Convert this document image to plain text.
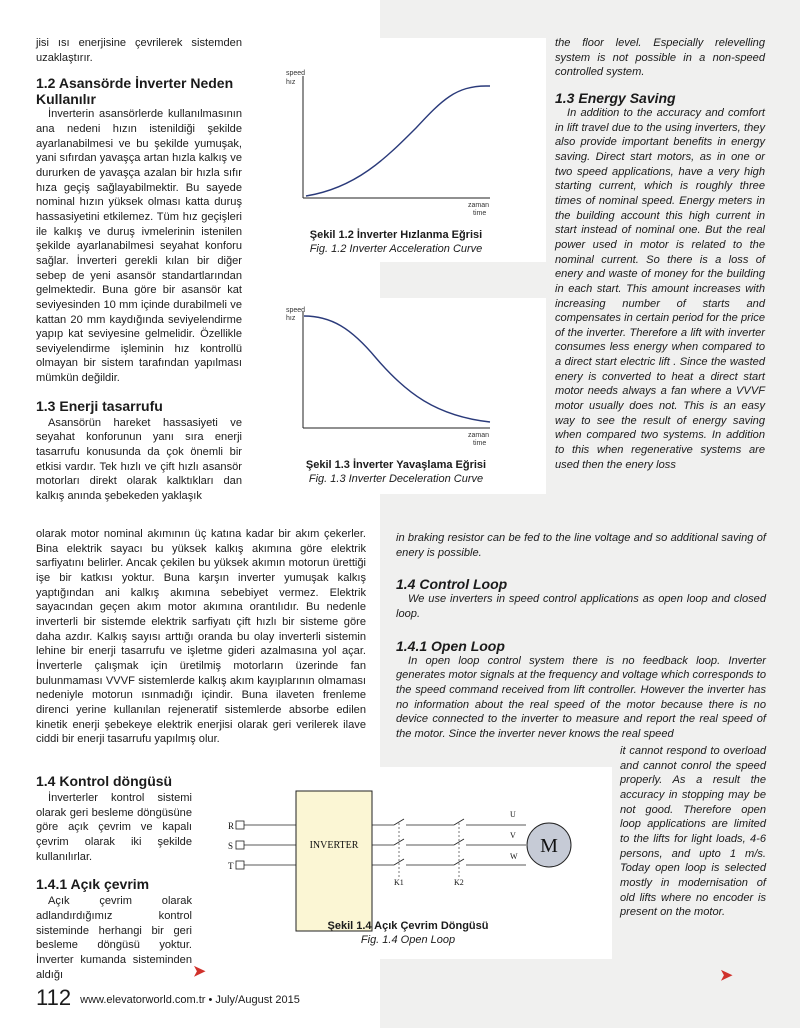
jisi ısı enerjisine çevrilerek sistemden uzaklaştırır.

1.2 Asansörde İnverter Neden Kullanılır

İnverterin asansörlerde kullanılmasının ana nedeni hızın istenildiği şekilde ayarlanabilmesi ve bu şekilde yumuşak, yani sıfırdan yavaşça artan hızla kalkış ve dururken de yavaşça azalan bir hızla sıfır hıza geçiş sağlayabilmektir. Bu sayede nominal hızın yüksek olması katta duruş hassasiyetini etkilemez. Tüm hız geçişleri ile kalkış ve duruş ivmelerinin istenilen şekilde ayarlanabilmesi seyahat konforu sağlar. İnverteri gerekli kılan bir diğer sebep de yeni asansör standartlarından gelmektedir. Buna göre bir asansör kat seviyesinden 10 mm içinde durabilmeli ve kattan 20 mm kaydığında seviyelendirme yapıp kat seviyesine gelmelidir. Özellikle seviyelendirme işleminin hız kontrollü olmayan bir sistem tarafından yapılması mümkün değildir.

1.3 Enerji tasarrufu

Asansörün hareket hassasiyeti ve seyahat konforunun yanı sıra enerji tasarrufu konusunda da çok önemli bir etkisi vardır. Tek hızlı ve çift hızlı asansör motorları direkt olarak kalktıkları dan kalkış anında şebekeden yaklaşık

olarak motor nominal akımının üç katına kadar bir akım çekerler. Bina elektrik sayacı bu yüksek kalkış akımına göre elektrik sarfiyatını belirler. Ancak çekilen bu yüksek akımın motorun ürettiği işe bir katkısı yoktur. Buna karşın inverter yumuşak kalkış yaptığından ani kalkış akımına sebebiyet vermez. Elektrik sayacından geçen akım motor akımına orantılıdır. Bu nedenle inverterli bir sistemde elektrik sarfiyatı çift hızlı bir sisteme göre daha azdır. Kalkış sayısı arttığı oranda bu olay inverterli sistemin lehine bir enerji tasarrufu ve işletme gideri azalmasına yol açar. İnverterle çalışmak için üretilmiş motorların üzerinde fan bulunmaması VVVF sistemlerde kalkış akım kayıplarının olmaması nedeniyle motorun ısınmadığı içindir. Buna ilaveten frenleme direnci yerine kullanılan rejeneratif sistemlerde absorbe edilen kinetik enerji şebekeye elektrik enerjisi olarak geri verilerek ilave ciddi bir enerji tasarrufu yapılmış olur.

1.4 Kontrol döngüsü

İnverterler kontrol sistemi olarak geri besleme döngüsüne göre açık çevrim ve kapalı çevrim olarak iki şekilde kullanılırlar.

1.4.1 Açık çevrim

Açık çevrim olarak adlandırdığımız kontrol sisteminde herhangi bir geri besleme döngüsü yoktur. İnverter kumanda sisteminden aldığı

the floor level. Especially relevelling system is not possible in a non-speed controlled system.

1.3 Energy Saving

In addition to the accuracy and comfort in lift travel due to the using inverters, they also provide important benefits in energy saving. Direct start motors, as in one or two speed applications, have a very high starting current, which is roughly three times of nominal speed. Energy meters in the building account this high current in start instead of nominal one. But the real power used in motor is related to the nominal current. So there is a loss of enery and waste of money for the building in each start. This amount increases with increasing number of starts and compensates in certain period for the price of the inverter. Therefore a lift with inverter consumes less energy when compared to a direct start electric lift . Since the wasted enery is converted to heat a direct start motor needs always a fan where a VVVF motor usually does not. This is an easy way to see the result of energy saving when compared two systems. In addition to this when regenerative systems are used then the enery loss

in braking resistor can be fed to the line voltage and so additional saving of enery is possible.

1.4 Control Loop

We use inverters in speed control applications as open loop and closed loop.

1.4.1 Open Loop

In open loop control system there is no feedback loop. Inverter generates motor signals at the frequency and voltage which corresponds to the speed command received from lift controller. However the inverter has no information about the real speed of the motor because there is no device connected to the inverter to measure and report the real speed of the motor. Since the inverter never knows the real speed

it cannot respond to overload and cannot conrol the speed properly. As a result the accuracy in stopping may be not good. Therefore open loop applications are limited to the lifts for light loads, 4-6 persons, and upto 1 m/s. Today open loop is selected mostly in modernisation of old lifts where no encoder is present on the motor.

speed
hız
zaman
time
Şekil 1.2 İnverter Hızlanma Eğrisi
Fig. 1.2 Inverter Acceleration Curve
speed
hız
zaman
time
Şekil 1.3 İnverter Yavaşlama Eğrisi
Fig. 1.3 Inverter Deceleration Curve
R
S
T
INVERTER
K1	K2
U
V
W M
Şekil 1.4 Açık Çevrim Döngüsü
Fig. 1.4 Open Loop
➤	➤
112 www.elevatorworld.com.tr • July/August 2015
